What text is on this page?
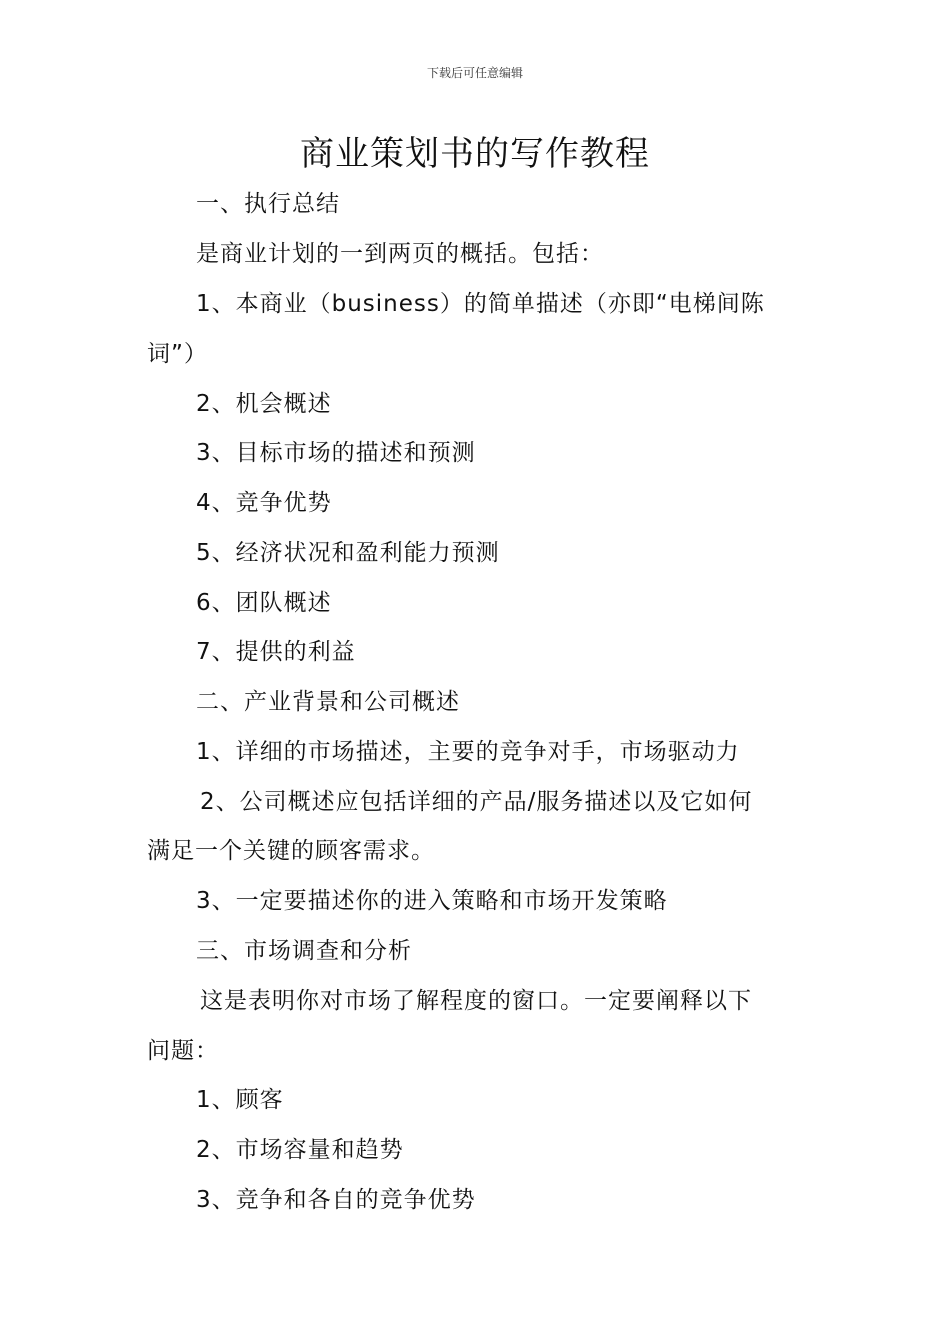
下载后可任意编辑
商业策划书的写作教程
一、执行总结
是商业计划的一到两页的概括。包括：
1、本商业（business）的简单描述（亦即“电梯间陈
词”）
2、机会概述
3、目标市场的描述和预测
4、竞争优势
5、经济状况和盈利能力预测
6、团队概述
7、提供的利益
二、产业背景和公司概述
1、详细的市场描述，主要的竞争对手，市场驱动力
2、公司概述应包括详细的产品/服务描述以及它如何
满足一个关键的顾客需求。
3、一定要描述你的进入策略和市场开发策略
三、市场调查和分析
这是表明你对市场了解程度的窗口。一定要阐释以下
问题：
1、顾客
2、市场容量和趋势
3、竞争和各自的竞争优势
